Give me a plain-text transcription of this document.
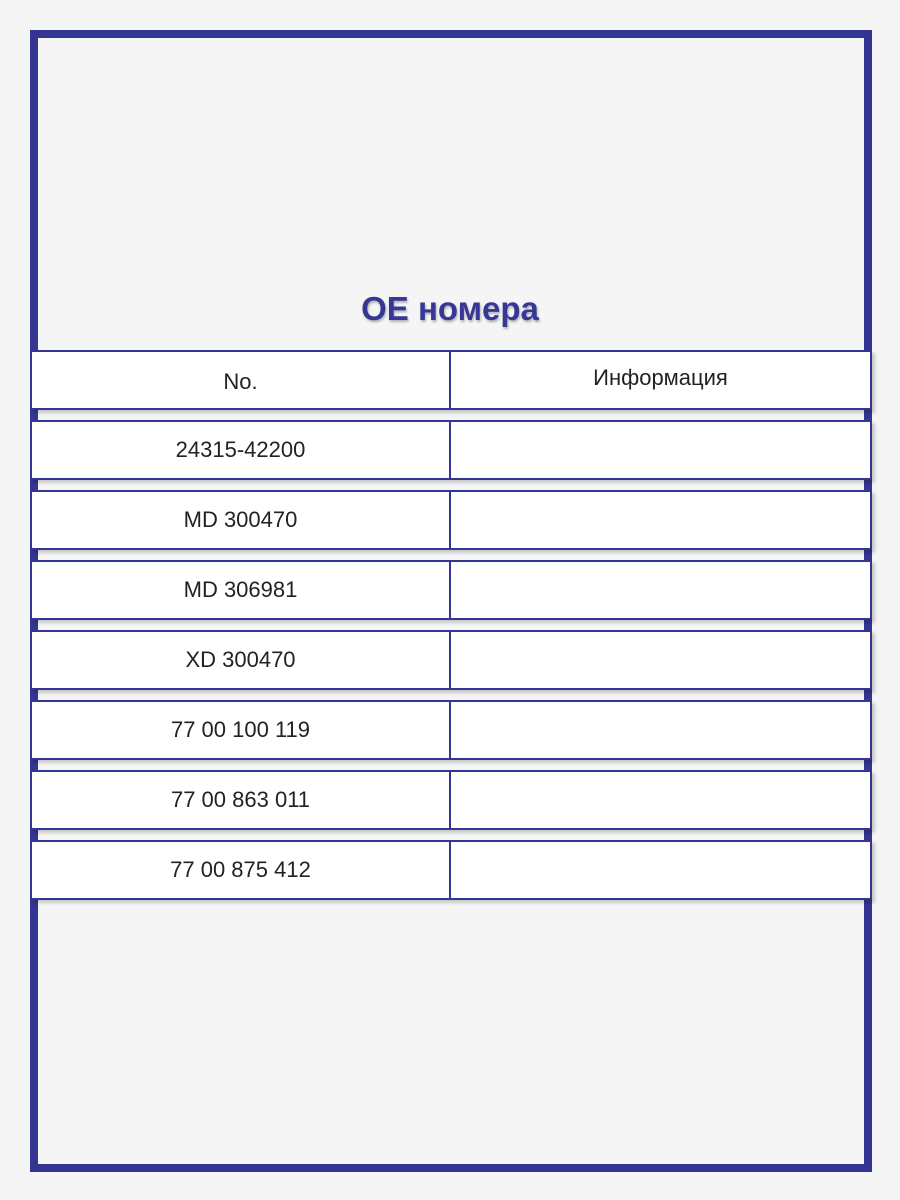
OE номера
No.	Информация
24315-42200
MD 300470
MD 306981
XD 300470
77 00 100 119
77 00 863 011
77 00 875 412
